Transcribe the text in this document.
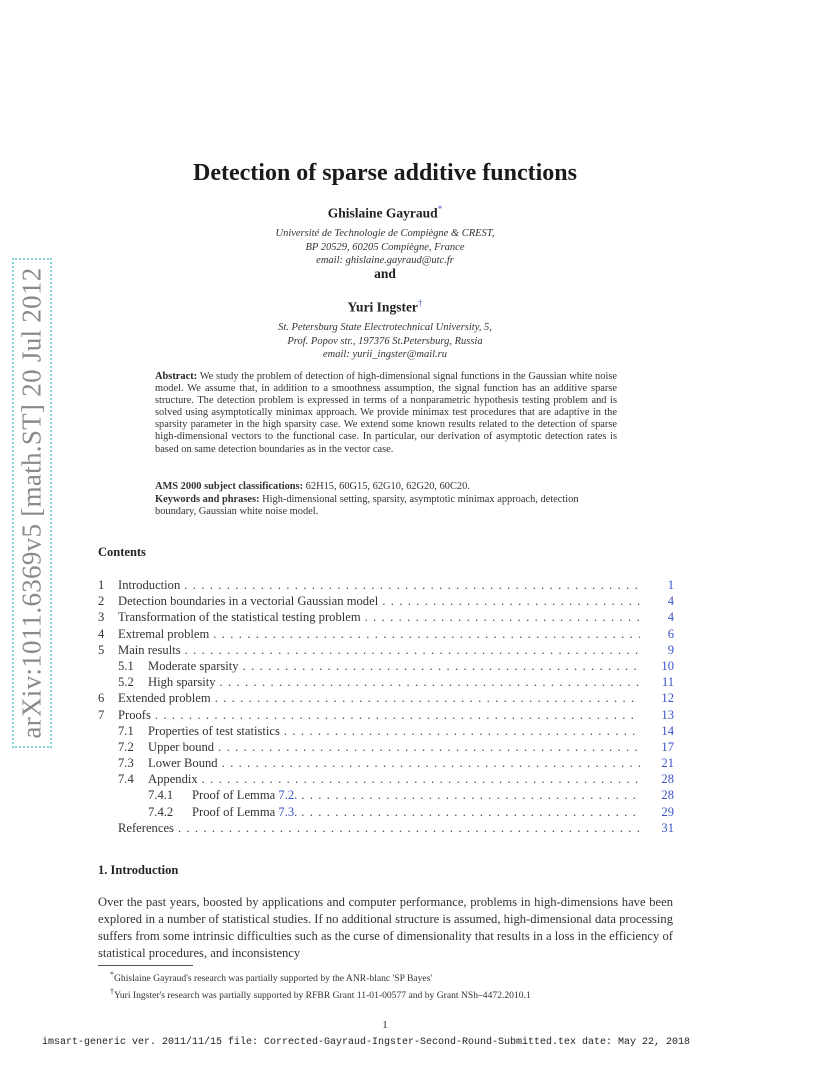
arXiv:1011.6369v5 [math.ST] 20 Jul 2012
Detection of sparse additive functions
Ghislaine Gayraud*
Université de Technologie de Compiègne & CREST,
BP 20529, 60205 Compiègne, France
email: ghislaine.gayraud@utc.fr
and
Yuri Ingster†
St. Petersburg State Electrotechnical University, 5,
Prof. Popov str., 197376 St.Petersburg, Russia
email: yurii_ingster@mail.ru
Abstract: We study the problem of detection of high-dimensional signal functions in the Gaussian white noise model. We assume that, in addition to a smoothness assumption, the signal function has an additive sparse structure. The detection problem is expressed in terms of a nonparametric hypothesis testing problem and is solved using asymptotically minimax approach. We provide minimax test procedures that are adaptive in the sparsity parameter in the high sparsity case. We extend some known results related to the detection of sparse high-dimensional vectors to the functional case. In particular, our derivation of asymptotic detection rates is based on same detection boundaries as in the vector case.
AMS 2000 subject classifications: 62H15, 60G15, 62G10, 62G20, 60C20.
Keywords and phrases: High-dimensional setting, sparsity, asymptotic minimax approach, detection boundary, Gaussian white noise model.
Contents
1	Introduction . . .	1
2	Detection boundaries in a vectorial Gaussian model . . .	4
3	Transformation of the statistical testing problem . . .	4
4	Extremal problem . . .	6
5	Main results . . .	9
5.1	Moderate sparsity . . .	10
5.2	High sparsity . . .	11
6	Extended problem . . .	12
7	Proofs . . .	13
7.1	Properties of test statistics . . .	14
7.2	Upper bound . . .	17
7.3	Lower Bound . . .	21
7.4	Appendix . . .	28
7.4.1	Proof of Lemma 7.2. . . .	28
7.4.2	Proof of Lemma 7.3. . . .	29
References . . .	31
1. Introduction
Over the past years, boosted by applications and computer performance, problems in high-dimensions have been explored in a number of statistical studies. If no additional structure is assumed, high-dimensional data processing suffers from some intrinsic difficulties such as the curse of dimensionality that results in a loss in the efficiency of statistical procedures, and inconsistency
*Ghislaine Gayraud's research was partially supported by the ANR-blanc 'SP Bayes'
†Yuri Ingster's research was partially supported by RFBR Grant 11-01-00577 and by Grant NSh–4472.2010.1
1
imsart-generic ver. 2011/11/15 file: Corrected-Gayraud-Ingster-Second-Round-Submitted.tex date: May 22, 2018
